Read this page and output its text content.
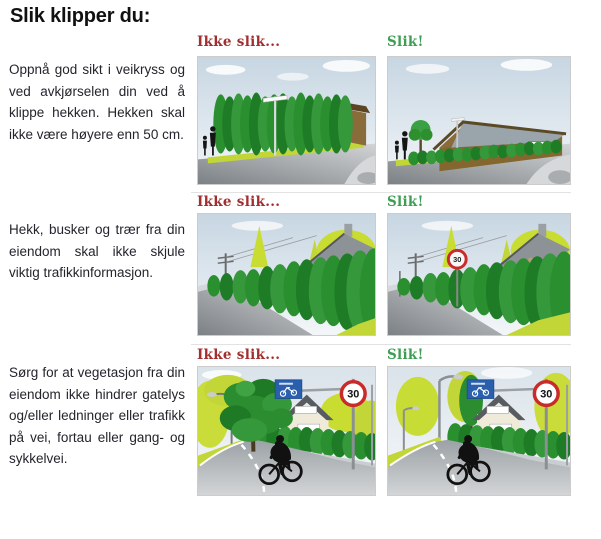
Slik klipper du:

Oppnå god sikt i veikryss og ved avkjørselen din ved å klippe hekken. Hekken skal ikke være høyere enn 50 cm.

Hekk, busker og trær fra din eiendom skal ikke skjule viktig trafikkinformasjon.

Sørg for at vegetasjon fra din eiendom ikke hindrer gatelys og/eller ledninger eller trafikk på vei, fortau eller gang- og sykkelvei.

Ikke slik...	Slik!
Ikke slik...	Slik!
Ikke slik...	Slik!
30
30	30
